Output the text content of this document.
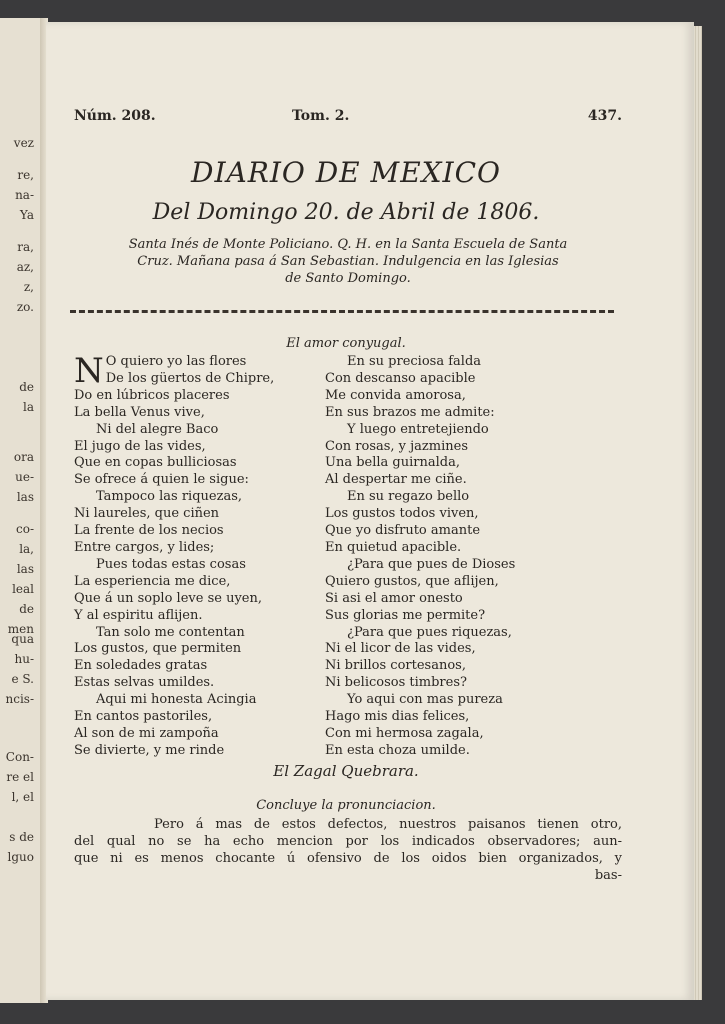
vez
re,
na-
Ya
ra,
az,
z,
zo.
de
la
ora
ue-
las
co-
la,
las
leal
de
men
qua
hu-
e S.
ncis-
Con-
re el
l, el
s de
lguo
Núm. 208.	Tom. 2.	437.
DIARIO DE MEXICO
Del Domingo 20. de Abril de 1806.
Santa Inés de Monte Policiano. Q. H. en la Santa Escuela de Santa
Cruz. Mañana pasa á San Sebastian. Indulgencia en las Iglesias
de Santo Domingo.
El amor conyugal.
N O quiero yo las flores
De los güertos de Chipre,
Do en lúbricos placeres
La bella Venus vive,
Ni del alegre Baco
El jugo de las vides,
Que en copas bulliciosas
Se ofrece á quien le sigue:
Tampoco las riquezas,
Ni laureles, que ciñen
La frente de los necios
Entre cargos, y lides;
Pues todas estas cosas
La esperiencia me dice,
Que á un soplo leve se uyen,
Y al espiritu aflijen.
Tan solo me contentan
Los gustos, que permiten
En soledades gratas
Estas selvas umildes.
Aqui mi honesta Acingia
En cantos pastoriles,
Al son de mi zampoña
Se divierte, y me rinde
En su preciosa falda
Con descanso apacible
Me convida amorosa,
En sus brazos me admite:
Y luego entretejiendo
Con rosas, y jazmines
Una bella guirnalda,
Al despertar me ciñe.
En su regazo bello
Los gustos todos viven,
Que yo disfruto amante
En quietud apacible.
¿Para que pues de Dioses
Quiero gustos, que aflijen,
Si asi el amor onesto
Sus glorias me permite?
¿Para que pues riquezas,
Ni el licor de las vides,
Ni brillos cortesanos,
Ni belicosos timbres?
Yo aqui con mas pureza
Hago mis dias felices,
Con mi hermosa zagala,
En esta choza umilde.
El Zagal Quebrara.
Concluye la pronunciacion.
Pero á mas de estos defectos, nuestros paisanos tienen otro,
del qual no se ha echo mencion por los indicados observadores; aun-
que ni es menos chocante ú ofensivo de los oidos bien organizados, y
bas-
